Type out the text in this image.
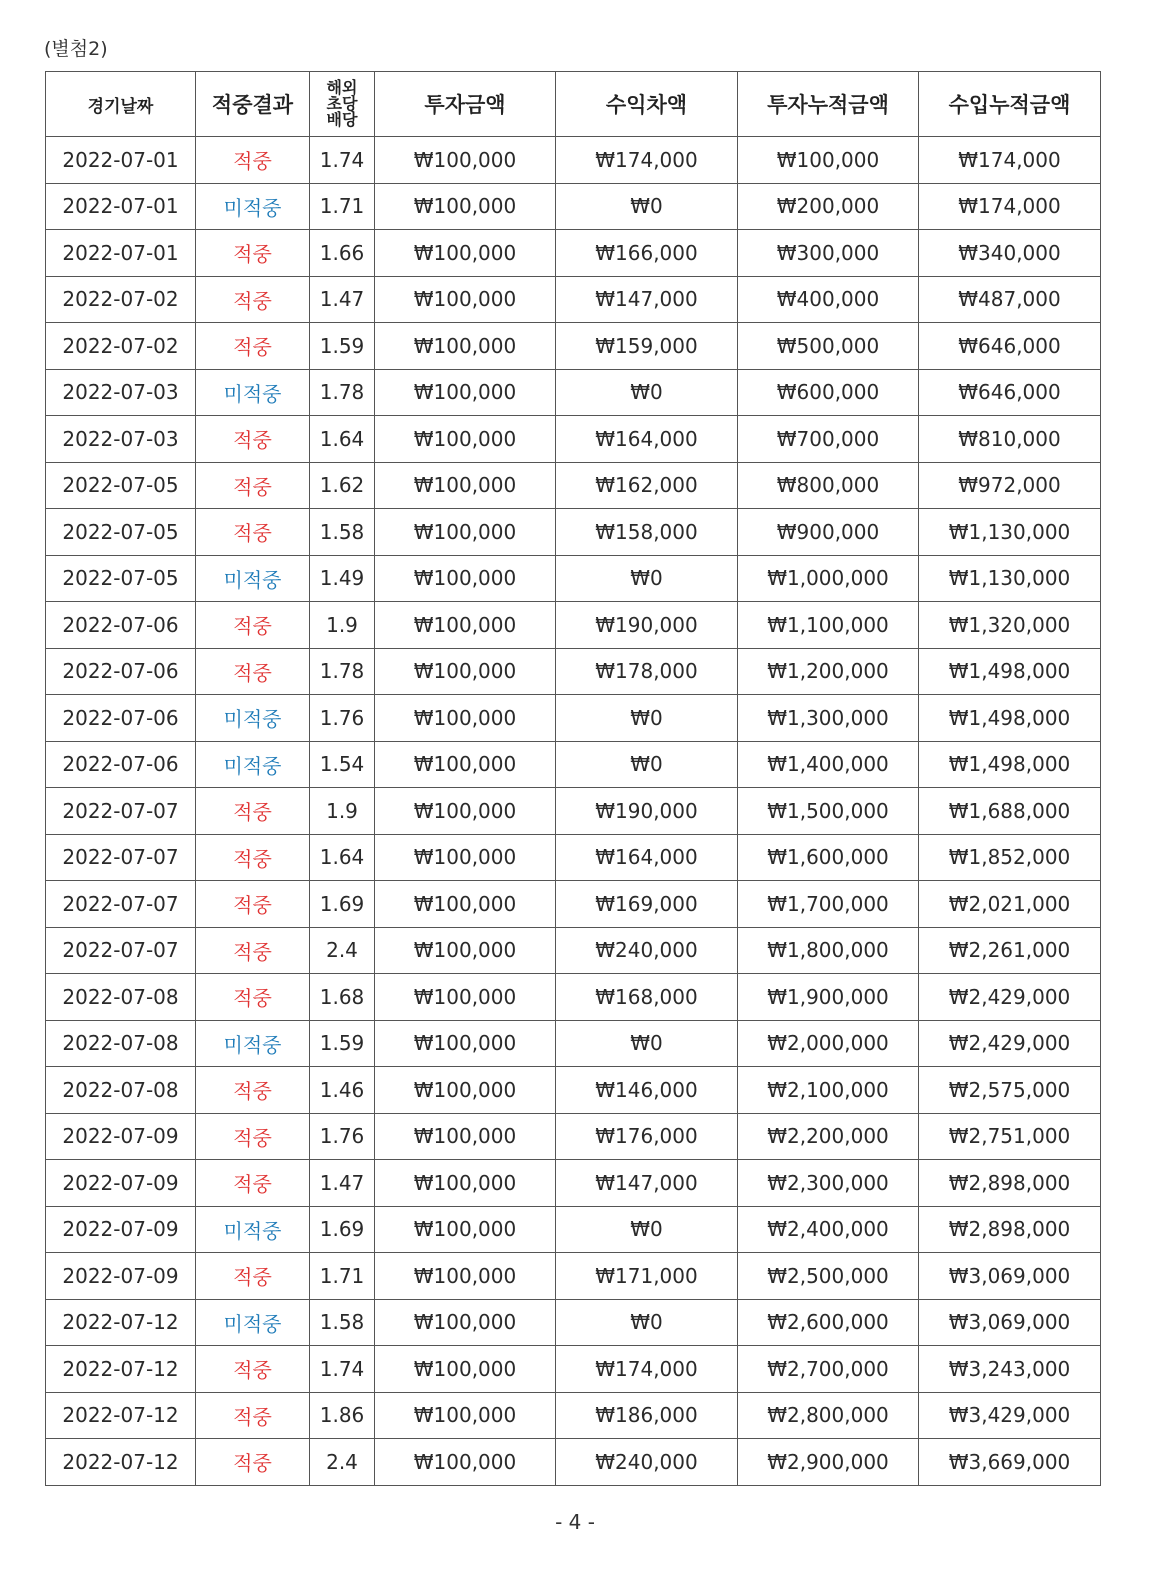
(별첨2)
경기날짜	적중결과	해외
초당
배당	투자금액	수익차액	투자누적금액	수입누적금액
2022-07-01	적중	1.74	₩100,000	₩174,000	₩100,000	₩174,000
2022-07-01	미적중	1.71	₩100,000	₩0	₩200,000	₩174,000
2022-07-01	적중	1.66	₩100,000	₩166,000	₩300,000	₩340,000
2022-07-02	적중	1.47	₩100,000	₩147,000	₩400,000	₩487,000
2022-07-02	적중	1.59	₩100,000	₩159,000	₩500,000	₩646,000
2022-07-03	미적중	1.78	₩100,000	₩0	₩600,000	₩646,000
2022-07-03	적중	1.64	₩100,000	₩164,000	₩700,000	₩810,000
2022-07-05	적중	1.62	₩100,000	₩162,000	₩800,000	₩972,000
2022-07-05	적중	1.58	₩100,000	₩158,000	₩900,000	₩1,130,000
2022-07-05	미적중	1.49	₩100,000	₩0	₩1,000,000	₩1,130,000
2022-07-06	적중	1.9	₩100,000	₩190,000	₩1,100,000	₩1,320,000
2022-07-06	적중	1.78	₩100,000	₩178,000	₩1,200,000	₩1,498,000
2022-07-06	미적중	1.76	₩100,000	₩0	₩1,300,000	₩1,498,000
2022-07-06	미적중	1.54	₩100,000	₩0	₩1,400,000	₩1,498,000
2022-07-07	적중	1.9	₩100,000	₩190,000	₩1,500,000	₩1,688,000
2022-07-07	적중	1.64	₩100,000	₩164,000	₩1,600,000	₩1,852,000
2022-07-07	적중	1.69	₩100,000	₩169,000	₩1,700,000	₩2,021,000
2022-07-07	적중	2.4	₩100,000	₩240,000	₩1,800,000	₩2,261,000
2022-07-08	적중	1.68	₩100,000	₩168,000	₩1,900,000	₩2,429,000
2022-07-08	미적중	1.59	₩100,000	₩0	₩2,000,000	₩2,429,000
2022-07-08	적중	1.46	₩100,000	₩146,000	₩2,100,000	₩2,575,000
2022-07-09	적중	1.76	₩100,000	₩176,000	₩2,200,000	₩2,751,000
2022-07-09	적중	1.47	₩100,000	₩147,000	₩2,300,000	₩2,898,000
2022-07-09	미적중	1.69	₩100,000	₩0	₩2,400,000	₩2,898,000
2022-07-09	적중	1.71	₩100,000	₩171,000	₩2,500,000	₩3,069,000
2022-07-12	미적중	1.58	₩100,000	₩0	₩2,600,000	₩3,069,000
2022-07-12	적중	1.74	₩100,000	₩174,000	₩2,700,000	₩3,243,000
2022-07-12	적중	1.86	₩100,000	₩186,000	₩2,800,000	₩3,429,000
2022-07-12	적중	2.4	₩100,000	₩240,000	₩2,900,000	₩3,669,000
- 4 -
